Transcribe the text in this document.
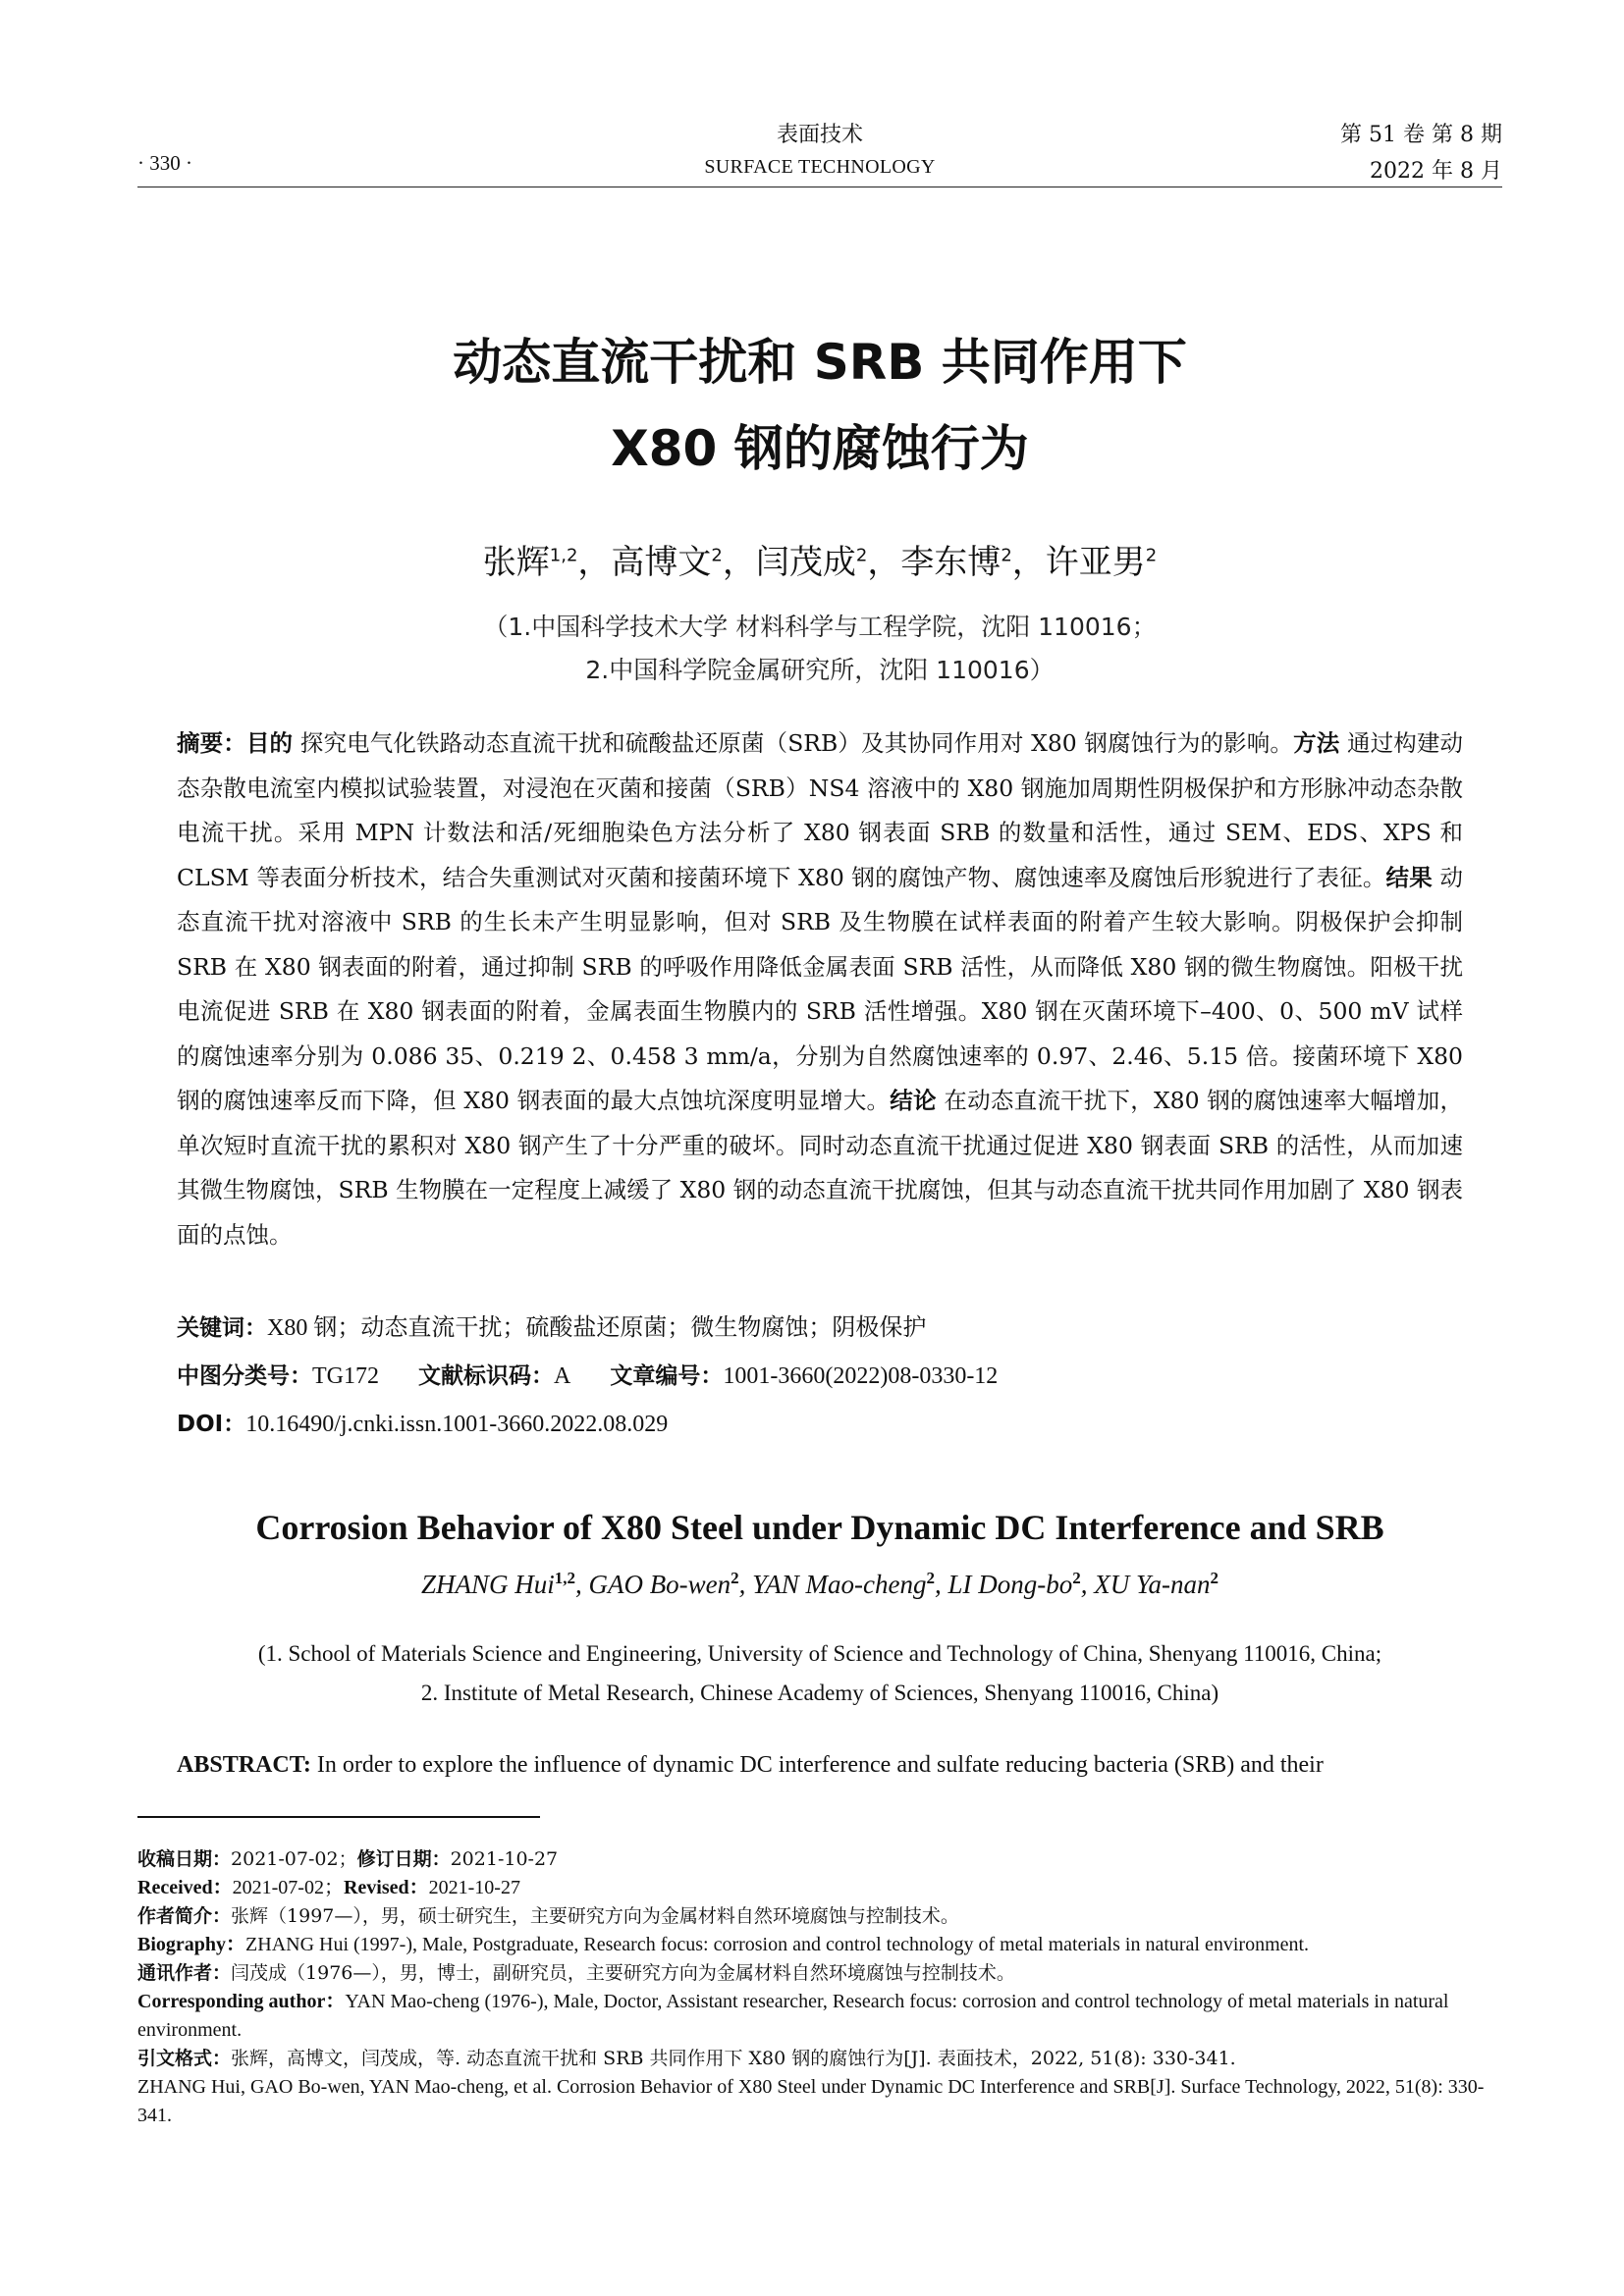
· 330 ·
表面技术
SURFACE TECHNOLOGY
第 51 卷 第 8 期
2022 年 8 月
动态直流干扰和 SRB 共同作用下
X80 钢的腐蚀行为
张辉$^{1,2}$，高博文$^2$，闫茂成$^2$，李东博$^2$，许亚男$^2$
（1.中国科学技术大学 材料科学与工程学院，沈阳 110016；
2.中国科学院金属研究所，沈阳 110016）
摘要：目的 探究电气化铁路动态直流干扰和硫酸盐还原菌（SRB）及其协同作用对 X80 钢腐蚀行为的影响。方法 通过构建动态杂散电流室内模拟试验装置，对浸泡在灭菌和接菌（SRB）NS4 溶液中的 X80 钢施加周期性阴极保护和方形脉冲动态杂散电流干扰。采用 MPN 计数法和活/死细胞染色方法分析了 X80 钢表面 SRB 的数量和活性，通过 SEM、EDS、XPS 和 CLSM 等表面分析技术，结合失重测试对灭菌和接菌环境下 X80 钢的腐蚀产物、腐蚀速率及腐蚀后形貌进行了表征。结果 动态直流干扰对溶液中 SRB 的生长未产生明显影响，但对 SRB 及生物膜在试样表面的附着产生较大影响。阴极保护会抑制 SRB 在 X80 钢表面的附着，通过抑制 SRB 的呼吸作用降低金属表面 SRB 活性，从而降低 X80 钢的微生物腐蚀。阳极干扰电流促进 SRB 在 X80 钢表面的附着，金属表面生物膜内的 SRB 活性增强。X80 钢在灭菌环境下–400、0、500 mV 试样的腐蚀速率分别为 0.086 35、0.219 2、0.458 3 mm/a，分别为自然腐蚀速率的 0.97、2.46、5.15 倍。接菌环境下 X80 钢的腐蚀速率反而下降，但 X80 钢表面的最大点蚀坑深度明显增大。结论 在动态直流干扰下，X80 钢的腐蚀速率大幅增加，单次短时直流干扰的累积对 X80 钢产生了十分严重的破坏。同时动态直流干扰通过促进 X80 钢表面 SRB 的活性，从而加速其微生物腐蚀，SRB 生物膜在一定程度上减缓了 X80 钢的动态直流干扰腐蚀，但其与动态直流干扰共同作用加剧了 X80 钢表面的点蚀。
关键词：X80 钢；动态直流干扰；硫酸盐还原菌；微生物腐蚀；阴极保护
中图分类号：TG172 文献标识码：A 文章编号：1001-3660(2022)08-0330-12
DOI：10.16490/j.cnki.issn.1001-3660.2022.08.029
Corrosion Behavior of X80 Steel under Dynamic DC Interference and SRB
ZHANG Hui$^{1,2}$, GAO Bo-wen$^2$, YAN Mao-cheng$^2$, LI Dong-$bo^2$, XU Ya-nan$^2$
(1. School of Materials Science and Engineering, University of Science and Technology of China, Shenyang 110016, China;
2. Institute of Metal Research, Chinese Academy of Sciences, Shenyang 110016, China)
ABSTRACT: In order to explore the influence of dynamic DC interference and sulfate reducing bacteria (SRB) and their

收稿日期：2021-07-02；修订日期：2021-10-27

Received：2021-07-02；Revised：2021-10-27

作者简介：张辉（1997—），男，硕士研究生，主要研究方向为金属材料自然环境腐蚀与控制技术。

Biography：ZHANG Hui (1997-), Male, Postgraduate, Research focus: corrosion and control technology of metal materials in natural environment.

通讯作者：闫茂成（1976—），男，博士，副研究员，主要研究方向为金属材料自然环境腐蚀与控制技术。

Corresponding author：YAN Mao-cheng (1976-), Male, Doctor, Assistant researcher, Research focus: corrosion and control technology of metal materials in natural environment.

引文格式：张辉，高博文，闫茂成，等. 动态直流干扰和 SRB 共同作用下 X80 钢的腐蚀行为[J]. 表面技术，2022, 51(8): 330-341.

ZHANG Hui, GAO Bo-wen, YAN Mao-cheng, et al. Corrosion Behavior of X80 Steel under Dynamic DC Interference and SRB[J]. Surface Technology, 2022, 51(8): 330-341.
